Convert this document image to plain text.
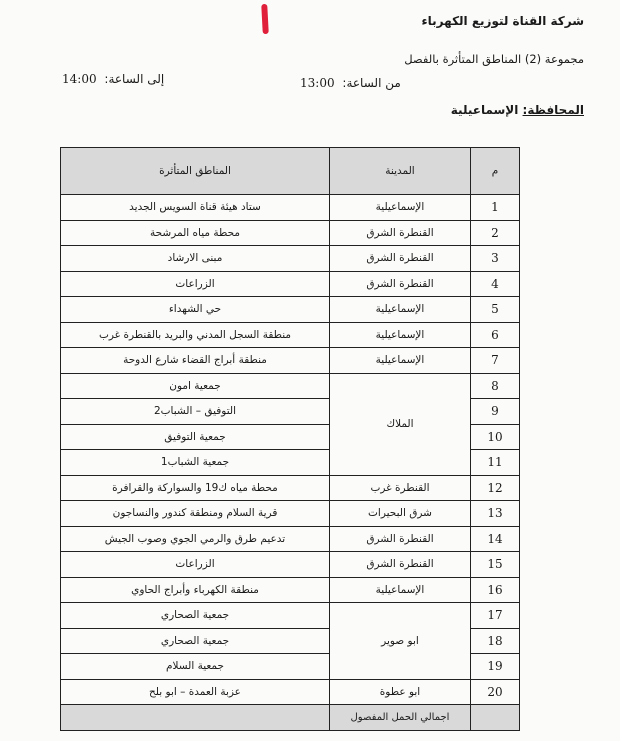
شركة القناة لتوزيع الكهرباء
مجموعة (2) المناطق المتأثرة بالفصل
من الساعة: 13:00
إلى الساعة: 14:00
المحافظة: الإسماعيلية
م	المدينة	المناطق المتأثرة
1	الإسماعيلية	ستاد هيئة قناة السويس الجديد
2	القنطرة الشرق	محطة مياه المرشحة
3	القنطرة الشرق	مبنى الارشاد
4	القنطرة الشرق	الزراعات
5	الإسماعيلية	حي الشهداء
6	الإسماعيلية	منطقة السجل المدني والبريد بالقنطرة غرب
7	الإسماعيلية	منطقة أبراج القضاء شارع الدوحة
8	الملاك	جمعية امون
9		التوفيق – الشباب2
10		جمعية التوفيق
11		جمعية الشباب1
12	القنطرة غرب	محطة مياه ك19 والسواركة والقرافرة
13	شرق البحيرات	قرية السلام ومنطقة كندور والنساجون
14	القنطرة الشرق	تدعيم طرق والرمي الجوي وصوب الجيش
15	القنطرة الشرق	الزراعات
16	الإسماعيلية	منطقة الكهرباء وأبراج الحاوي
17	ابو صوير	جمعية الصحاري
18		جمعية الصحاري
19		جمعية السلام
20	ابو عطوة	عزبة العمدة – ابو بلح
	اجمالي الحمل المفصول	
